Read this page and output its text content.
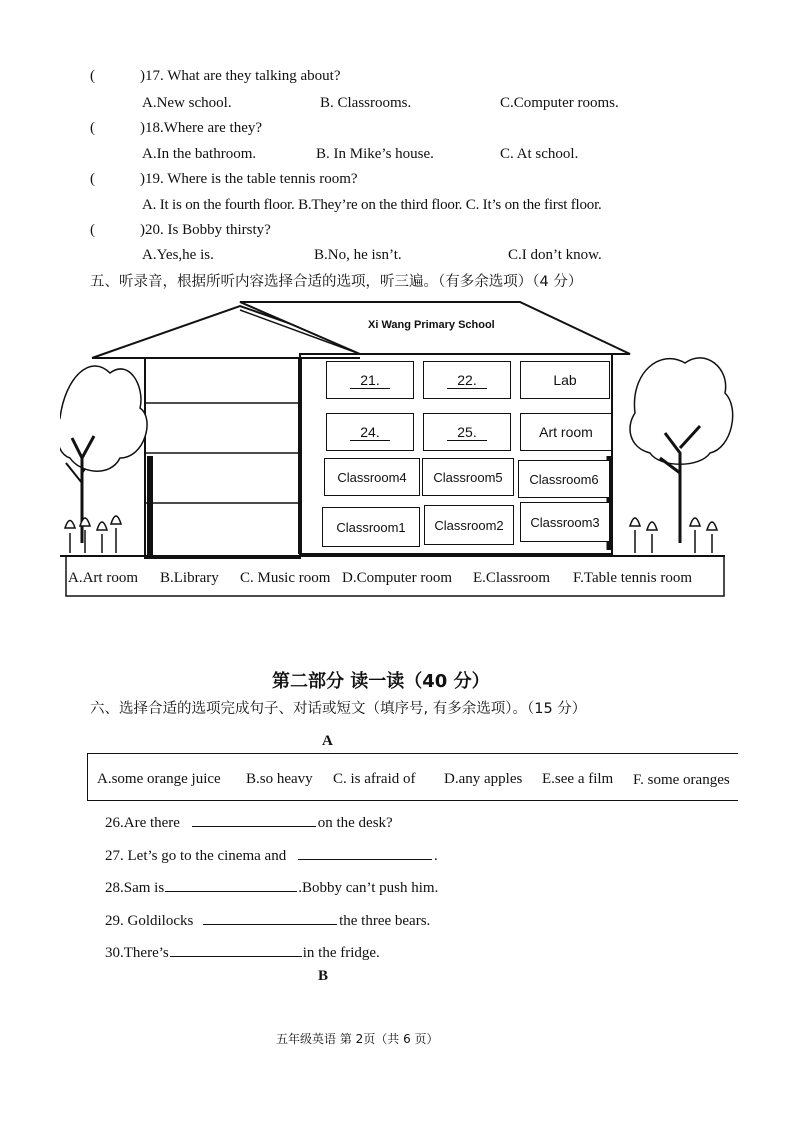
(	)17. What are they talking about?
A.New school.	B. Classrooms.	C.Computer rooms.
(	)18.Where are they?
A.In the bathroom.	B. In Mike’s house.	C. At school.
(	)19. Where is the table tennis room?
A. It is on the fourth floor. B.They’re on the third floor. C. It’s on the first floor.
(	)20. Is Bobby thirsty?
A.Yes,he is.	B.No, he isn’t.	C.I don’t know.
五、听录音，根据所听内容选择合适的选项，听三遍。（有多余选项）（4 分）
Xi Wang Primary School
21.	22.	Lab
24.	25.	Art room
Classroom4 Classroom5 Classroom6
Classroom1 Classroom2 Classroom3
A.Art room B.Library C. Music room D.Computer room E.Classroom F.Table tennis room
第二部分 读一读（40 分）
六、选择合适的选项完成句子、对话或短文（填序号, 有多余选项）。（15 分）
A
A.some orange juice B.so heavy C. is afraid of D.any apples E.see a film F. some oranges
26.Are there	on the desk?
27. Let’s go to the cinema and	.
28.Sam is	.Bobby can’t push him.
29. Goldilocks	the three bears.
30.There’s	in the fridge.
B
五年级英语 第 2页（共 6 页）
